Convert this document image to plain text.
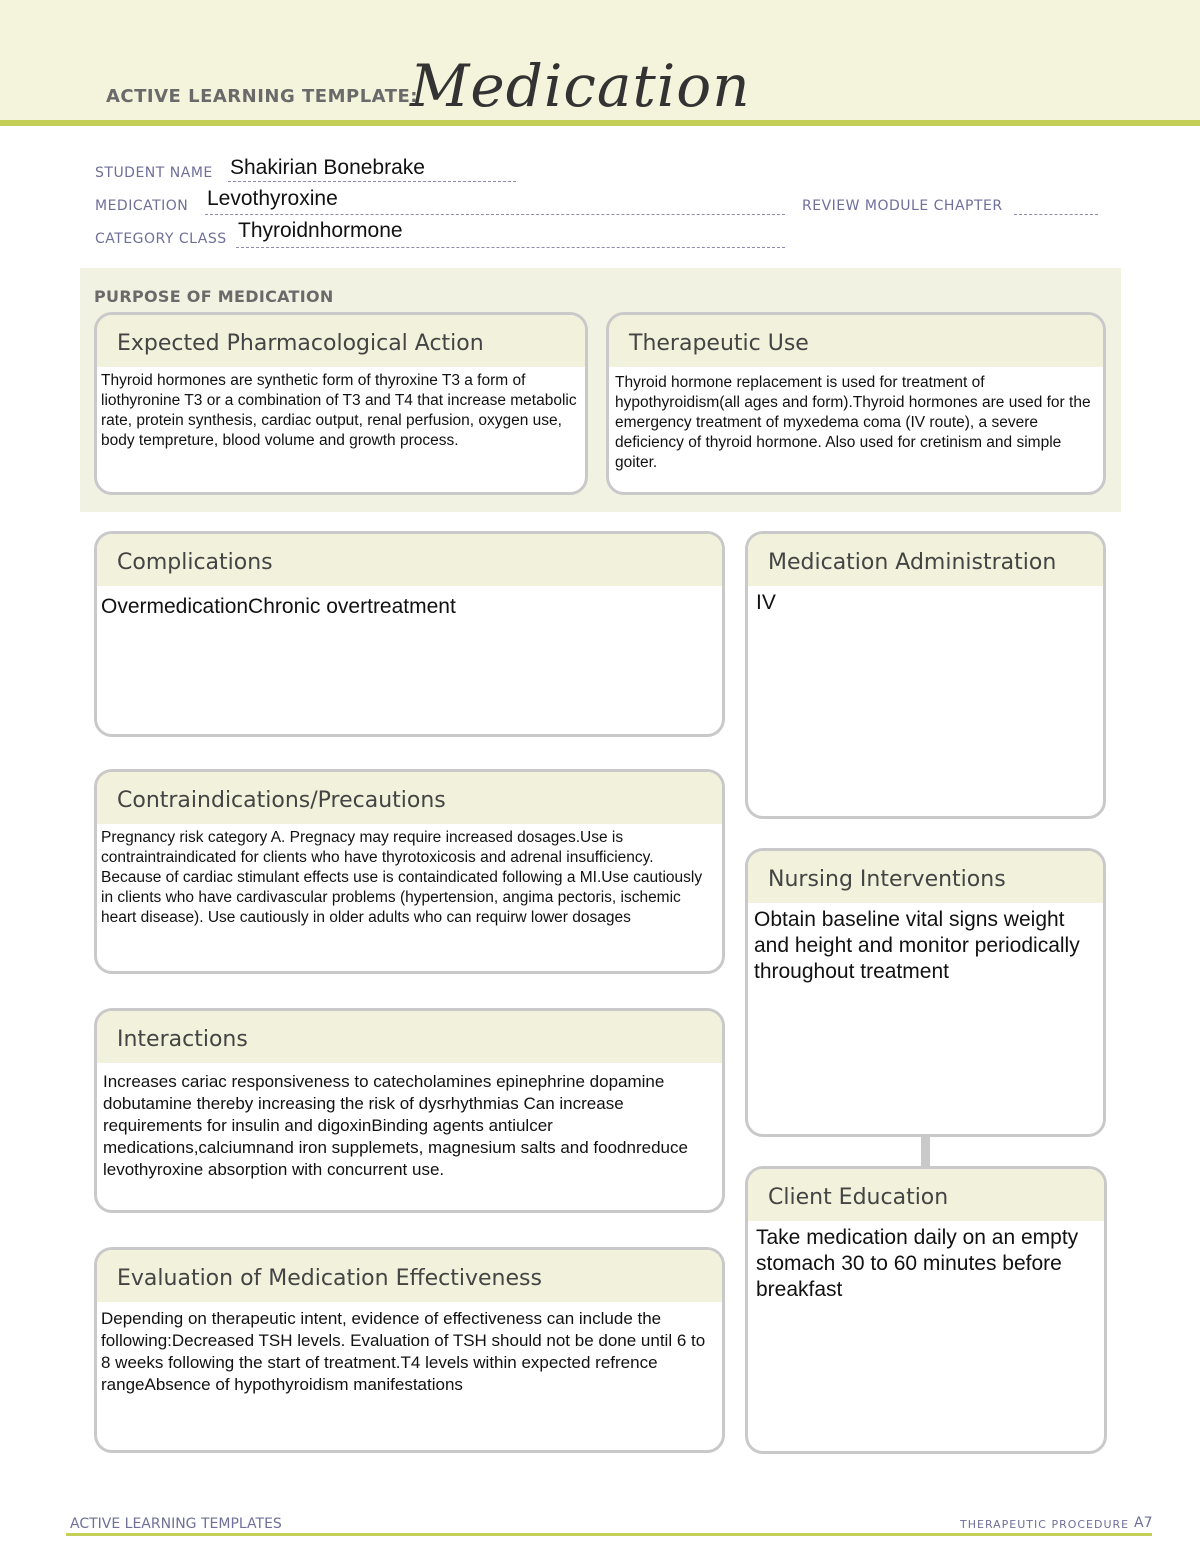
ACTIVE LEARNING TEMPLATE:
Medication
STUDENT NAME Shakirian Bonebrake
MEDICATION Levothyroxine	REVIEW MODULE CHAPTER
CATEGORY CLASS Thyroidnhormone
PURPOSE OF MEDICATION
Expected Pharmacological Action
Thyroid hormones are synthetic form of thyroxine T3 a form of liothyronine T3 or a combination of T3 and T4 that increase metabolic rate, protein synthesis, cardiac output, renal perfusion, oxygen use, body tempreture, blood volume and growth process.
Therapeutic Use
Thyroid hormone replacement is used for treatment of hypothyroidism(all ages and form).Thyroid hormones are used for the emergency treatment of myxedema coma (IV route), a severe deficiency of thyroid hormone. Also used for cretinism and simple goiter.
Complications
OvermedicationChronic overtreatment
Contraindications/Precautions
Pregnancy risk category A. Pregnacy may require increased dosages.Use is contraintraindicated for clients who have thyrotoxicosis and adrenal insufficiency. Because of cardiac stimulant effects use is containdicated following a MI.Use cautiously in clients who have cardivascular problems (hypertension, angima pectoris, ischemic heart disease). Use cautiously in older adults who can requirw lower dosages
Interactions
Increases cariac responsiveness to catecholamines epinephrine dopamine dobutamine thereby increasing the risk of dysrhythmias Can increase requirements for insulin and digoxinBinding agents antiulcer medications,calciumnand iron supplemets, magnesium salts and foodnreduce levothyroxine absorption with concurrent use.
Evaluation of Medication Effectiveness
Depending on therapeutic intent, evidence of effectiveness can include the following:Decreased TSH levels. Evaluation of TSH should not be done until 6 to 8 weeks following the start of treatment.T4 levels within expected refrence rangeAbsence of hypothyroidism manifestations
Medication Administration
IV
Nursing Interventions
Obtain baseline vital signs weight and height and monitor periodically throughout treatment
Client Education
Take medication daily on an empty stomach 30 to 60 minutes before breakfast
ACTIVE LEARNING TEMPLATES	THERAPEUTIC PROCEDURE A7
